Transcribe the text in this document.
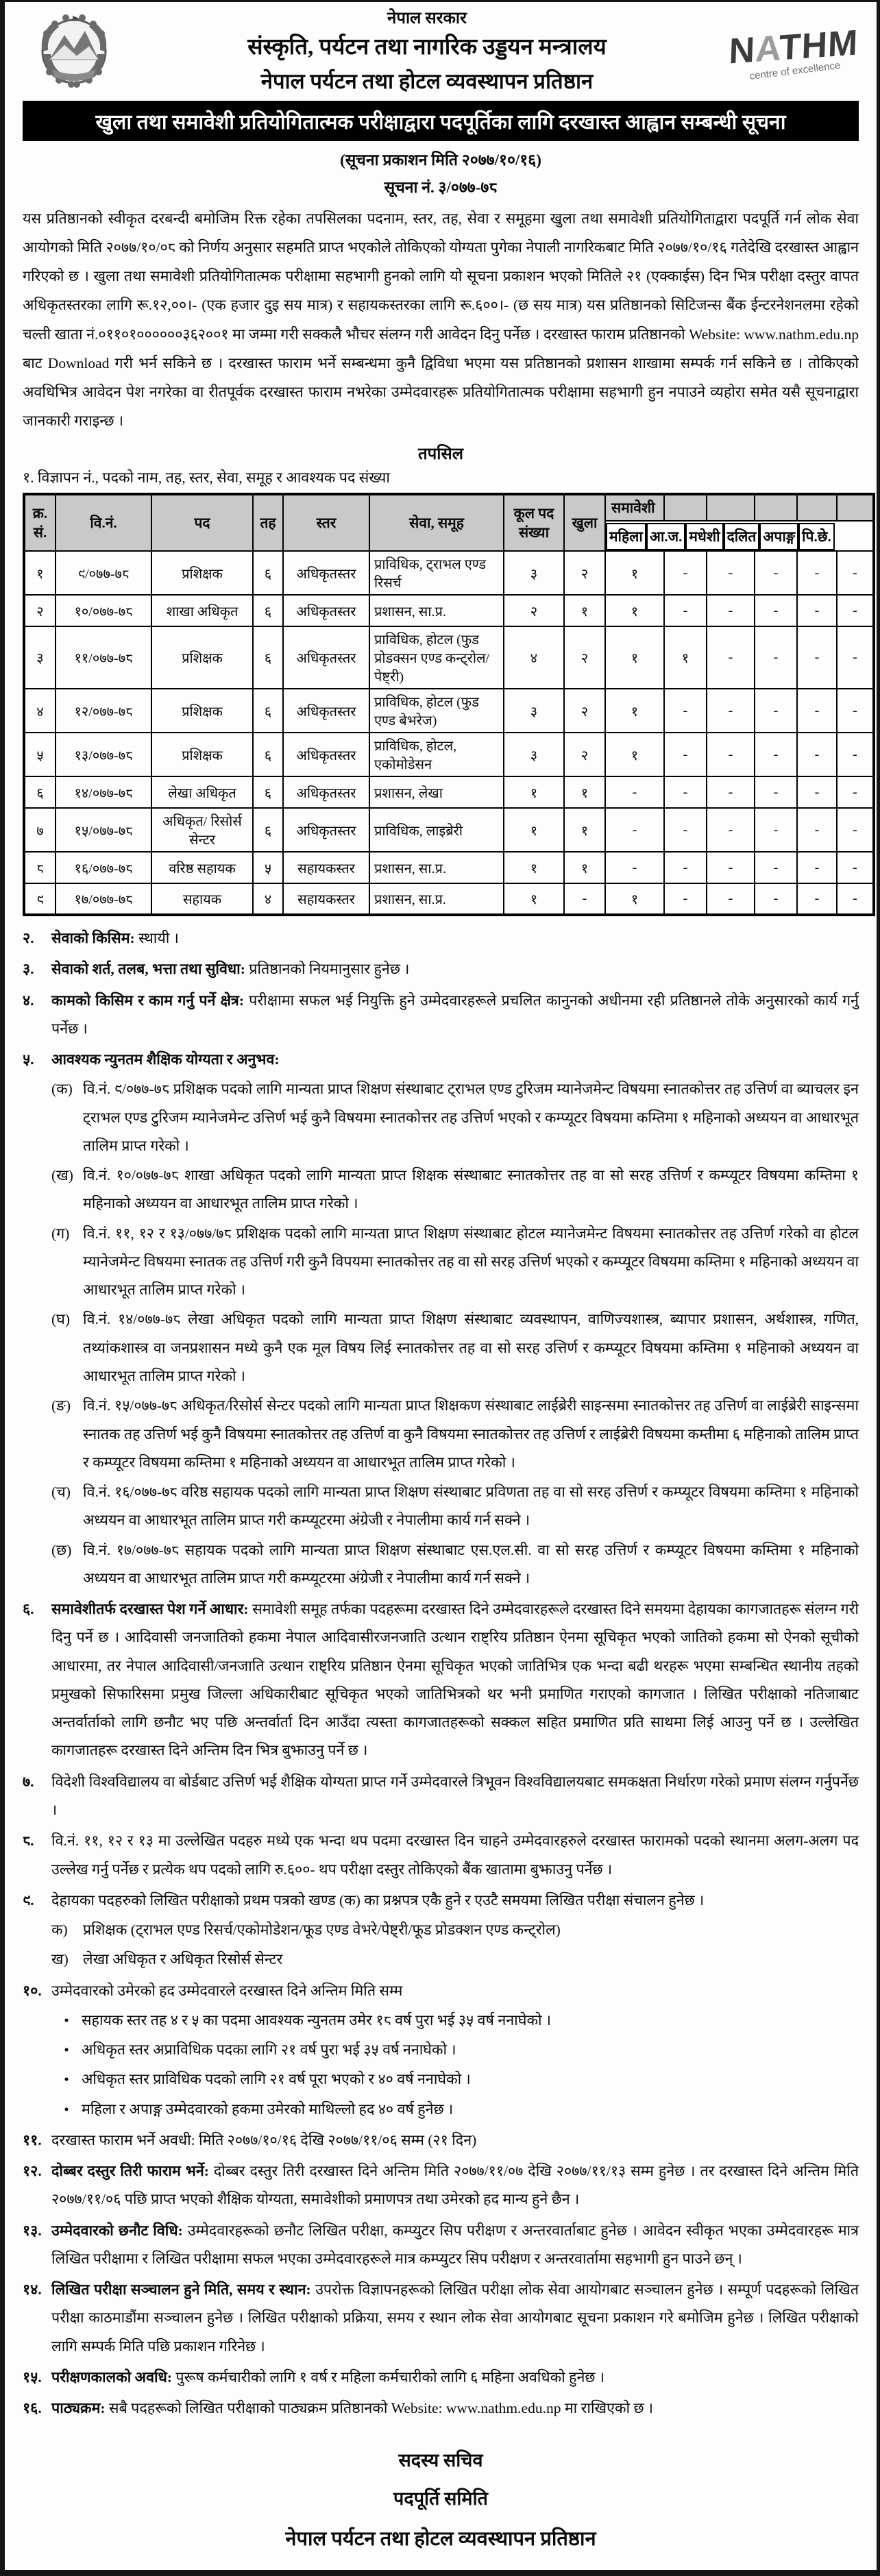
नेपाल सरकार
संस्कृति, पर्यटन तथा नागरिक उड्डयन मन्त्रालय
नेपाल पर्यटन तथा होटल व्यवस्थापन प्रतिष्ठान
NATHM
centre of excellence
खुला तथा समावेशी प्रतियोगितात्मक परीक्षाद्वारा पदपूर्तिका लागि दरखास्त आह्वान सम्बन्धी सूचना
(सूचना प्रकाशन मिति २०७७/१०/१६)
सूचना नं. ३/०७७-७८

यस प्रतिष्ठानको स्वीकृत दरबन्दी बमोजिम रिक्त रहेका तपसिलका पदनाम, स्तर, तह, सेवा र समूहमा खुला तथा समावेशी प्रतियोगिताद्वारा पदपूर्ति गर्न लोक सेवा आयोगको मिति २०७७/१०/०८ को निर्णय अनुसार सहमति प्राप्त भएकोले तोकिएको योग्यता पुगेका नेपाली नागरिकबाट मिति २०७७/१०/१६ गतेदेखि दरखास्त आह्वान गरिएको छ । खुला तथा समावेशी प्रतियोगितात्मक परीक्षामा सहभागी हुनको लागि यो सूचना प्रकाशन भएको मितिले २१ (एक्काईस) दिन भित्र परीक्षा दस्तुर वापत अधिकृतस्तरका लागि रू.१२,००।- (एक हजार दुइ सय मात्र) र सहायकस्तरका लागि रू.६००।- (छ सय मात्र) यस प्रतिष्ठानको सिटिजन्स बैंक ईन्टरनेशनलमा रहेको चल्ती खाता नं.०११०१००००००३६२००१ मा जम्मा गरी सक्कलै भौचर संलग्न गरी आवेदन दिनु पर्नेछ । दरखास्त फाराम प्रतिष्ठानको Website: www.nathm.edu.np बाट Download गरी भर्न सकिने छ । दरखास्त फाराम भर्ने सम्बन्धमा कुनै द्विविधा भएमा यस प्रतिष्ठानको प्रशासन शाखामा सम्पर्क गर्न सकिने छ । तोकिएको अवधिभित्र आवेदन पेश नगरेका वा रीतपूर्वक दरखास्त फाराम नभरेका उम्मेदवारहरू प्रतियोगितात्मक परीक्षामा सहभागी हुन नपाउने व्यहोरा समेत यसै सूचनाद्वारा जानकारी गराइन्छ ।

तपसिल
१. विज्ञापन नं., पदको नाम, तह, स्तर, सेवा, समूह र आवश्यक पद संख्या
क्र. सं.	वि.नं.	पद	तह	स्तर	सेवा, समूह	कूल पद संख्या	खुला	समावेशी					

महिला आ.ज. मधेशी दलित अपाङ्ग पि.छे.
१	९/०७७-७८	प्रशिक्षक	६	अधिकृतस्तर	प्राविधिक, ट्राभल एण्ड रिसर्च	३	२	१	-	-	-	-	-
२	१०/०७७-७८	शाखा अधिकृत	६	अधिकृतस्तर	प्रशासन, सा.प्र.	२	१	१	-	-	-	-	-
३	११/०७७-७८	प्रशिक्षक	६	अधिकृतस्तर	प्राविधिक, होटल (फुड प्रोडक्सन एण्ड कन्ट्रोल/पेष्ट्री)	४	२	१	१	-	-	-	-
४	१२/०७७-७८	प्रशिक्षक	६	अधिकृतस्तर	प्राविधिक, होटल (फुड एण्ड बेभरेज)	३	२	१	-	-	-	-	-
५	१३/०७७-७८	प्रशिक्षक	६	अधिकृतस्तर	प्राविधिक, होटल, एकोमोडेसन	३	२	१	-	-	-	-	-
६	१४/०७७-७८	लेखा अधिकृत	६	अधिकृतस्तर	प्रशासन, लेखा	१	१	-	-	-	-	-	-
७	१५/०७७-७८	अधिकृत/ रिसोर्स सेन्टर	६	अधिकृतस्तर	प्राविधिक, लाइब्रेरी	१	१	-	-	-	-	-	-
८	१६/०७७-७८	वरिष्ठ सहायक	५	सहायकस्तर	प्रशासन, सा.प्र.	१	१	-	-	-	-	-	-
९	१७/०७७-७८	सहायक	४	सहायकस्तर	प्रशासन, सा.प्र.	१	-	१	-	-	-	-	-
२.	सेवाको किसिम: स्थायी ।
३.	सेवाको शर्त, तलब, भत्ता तथा सुविधा: प्रतिष्ठानको नियमानुसार हुनेछ ।
४.	कामको किसिम र काम गर्नु पर्ने क्षेत्र: परीक्षामा सफल भई नियुक्ति हुने उम्मेदवारहरूले प्रचलित कानुनको अधीनमा रही प्रतिष्ठानले तोके अनुसारको कार्य गर्नु पर्नेछ ।
५.	आवश्यक न्युनतम शैक्षिक योग्यता र अनुभव:
(क) वि.नं. ९/०७७-७८ प्रशिक्षक पदको लागि मान्यता प्राप्त शिक्षण संस्थाबाट ट्राभल एण्ड टुरिजम म्यानेजमेन्ट विषयमा स्नातकोत्तर तह उत्तिर्ण वा ब्याचलर इन ट्राभल एण्ड टुरिजम म्यानेजमेन्ट उत्तिर्ण भई कुनै विषयमा स्नातकोत्तर तह उत्तिर्ण भएको र कम्प्यूटर विषयमा कम्तिमा १ महिनाको अध्ययन वा आधारभूत तालिम प्राप्त गरेको ।
(ख) वि.नं. १०/०७७-७८ शाखा अधिकृत पदको लागि मान्यता प्राप्त शिक्षक संस्थाबाट स्नातकोत्तर तह वा सो सरह उत्तिर्ण र कम्प्यूटर विषयमा कम्तिमा १ महिनाको अध्ययन वा आधारभूत तालिम प्राप्त गरेको ।
(ग) वि.नं. ११, १२ र १३/०७७/७८ प्रशिक्षक पदको लागि मान्यता प्राप्त शिक्षण संस्थाबाट होटल म्यानेजमेन्ट विषयमा स्नातकोत्तर तह उत्तिर्ण गरेको वा होटल म्यानेजमेन्ट विषयमा स्नातक तह उत्तिर्ण गरी कुनै विपयमा स्नातकोत्तर तह वा सो सरह उत्तिर्ण भएको र कम्प्यूटर विषयमा कम्तिमा १ महिनाको अध्ययन वा आधारभूत तालिम प्राप्त गरेको ।
(घ) वि.नं. १४/०७७-७८ लेखा अधिकृत पदको लागि मान्यता प्राप्त शिक्षण संस्थाबाट व्यवस्थापन, वाणिज्यशास्त्र, ब्यापार प्रशासन, अर्थशास्त्र, गणित, तथ्यांकशास्त्र वा जनप्रशासन मध्ये कुनै एक मूल विषय लिई स्नातकोत्तर तह वा सो सरह उत्तिर्ण र कम्प्यूटर विषयमा कम्तिमा १ महिनाको अध्ययन वा आधारभूत तालिम प्राप्त गरेको ।
(ङ) वि.नं. १५/०७७-७८ अधिकृत/रिसोर्स सेन्टर पदको लागि मान्यता प्राप्त शिक्षकण संस्थाबाट लाईब्रेरी साइन्समा स्नातकोत्तर तह उत्तिर्ण वा लाईब्रेरी साइन्समा स्नातक तह उत्तिर्ण भई कुनै विषयमा स्नातकोत्तर तह उत्तिर्ण वा कुनै विषयमा स्नातकोत्तर तह उत्तिर्ण र लाईब्रेरी विषयमा कम्तीमा ६ महिनाको तालिम प्राप्त र कम्प्यूटर विषयमा कम्तिमा १ महिनाको अध्ययन वा आधारभूत तालिम प्राप्त गरेको ।
(च) वि.नं. १६/०७७-७८ वरिष्ठ सहायक पदको लागि मान्यता प्राप्त शिक्षण संस्थाबाट प्रविणता तह वा सो सरह उत्तिर्ण र कम्प्यूटर विषयमा कम्तिमा १ महिनाको अध्ययन वा आधारभूत तालिम प्राप्त गरी कम्प्यूटरमा अंग्रेजी र नेपालीमा कार्य गर्न सक्ने ।
(छ) वि.नं. १७/०७७-७८ सहायक पदको लागि मान्यता प्राप्त शिक्षण संस्थाबाट एस.एल.सी. वा सो सरह उत्तिर्ण र कम्प्यूटर विषयमा कम्तिमा १ महिनाको अध्ययन वा आधारभूत तालिम प्राप्त गरी कम्प्यूटरमा अंग्रेजी र नेपालीमा कार्य गर्न सक्ने ।
६.	समावेशीतर्फ दरखास्त पेश गर्ने आधार: समावेशी समूह तर्फका पदहरूमा दरखास्त दिने उम्मेदवारहरूले दरखास्त दिने समयमा देहायका कागजातहरू संलग्न गरी दिनु पर्ने छ । आदिवासी जनजातिको हकमा नेपाल आदिवासीरजनजाति उत्थान राष्ट्रिय प्रतिष्ठान ऐनमा सूचिकृत भएको जातिको हकमा सो ऐनको सूचीको आधारमा, तर नेपाल आदिवासी/जनजाति उत्थान राष्ट्रिय प्रतिष्ठान ऐनमा सूचिकृत भएको जातिभित्र एक भन्दा बढी थरहरू भएमा सम्बन्धित स्थानीय तहको प्रमुखको सिफारिसमा प्रमुख जिल्ला अधिकारीबाट सूचिकृत भएको जातिभित्रको थर भनी प्रमाणित गराएको कागजात । लिखित परीक्षाको नतिजाबाट अन्तर्वार्ताको लागि छनौट भए पछि अन्तर्वार्ता दिन आउँदा त्यस्ता कागजातहरूको सक्कल सहित प्रमाणित प्रति साथमा लिई आउनु पर्ने छ । उल्लेखित कागजातहरू दरखास्त दिने अन्तिम दिन भित्र बुझाउनु पर्ने छ ।
७.	विदेशी विश्वविद्यालय वा बोर्डबाट उत्तिर्ण भई शैक्षिक योग्यता प्राप्त गर्ने उम्मेदवारले त्रिभूवन विश्वविद्यालयबाट समकक्षता निर्धारण गरेको प्रमाण संलग्न गर्नुपर्नेछ ।
८.	वि.नं. ११, १२ र १३ मा उल्लेखित पदहरु मध्ये एक भन्दा थप पदमा दरखास्त दिन चाहने उम्मेदवारहरुले दरखास्त फारामको पदको स्थानमा अलग-अलग पद उल्लेख गर्नु पर्नेछ र प्रत्येक थप पदको लागि रु.६००- थप परीक्षा दस्तुर तोकिएको बैंक खातामा बुझाउनु पर्नेछ ।
९.	देहायका पदहरुको लिखित परीक्षाको प्रथम पत्रको खण्ड (क) का प्रश्नपत्र एकै हुने र एउटै समयमा लिखित परीक्षा संचालन हुनेछ ।
क)	प्रशिक्षक (ट्राभल एण्ड रिसर्च/एकोमोडेशन/फूड एण्ड वेभरे/पेष्ट्री/फूड प्रोडक्शन एण्ड कन्ट्रोल)
ख) लेखा अधिकृत र अधिकृत रिसोर्स सेन्टर
१०. उम्मेदवारको उमेरको हद उम्मेदवारले दरखास्त दिने अन्तिम मिति सम्म
• सहायक स्तर तह ४ र ५ का पदमा आवश्यक न्युनतम उमेर १८ वर्ष पुरा भई ३५ वर्ष ननाघेको ।
• अधिकृत स्तर अप्राविधिक पदका लागि २१ वर्ष पुरा भई ३५ वर्ष ननाघेको ।
• अधिकृत स्तर प्राविधिक पदको लागि २१ वर्ष पूरा भएको र ४० वर्ष ननाघेको ।
• महिला र अपाङ्ग उम्मेदवारको हकमा उमेरको माथिल्लो हद ४० वर्ष हुनेछ ।
११. दरखास्त फाराम भर्ने अवधी: मिति २०७७/१०/१६ देखि २०७७/११/०६ सम्म (२१ दिन)
१२. दोब्बर दस्तुर तिरी फाराम भर्ने: दोब्बर दस्तुर तिरी दरखास्त दिने अन्तिम मिति २०७७/११/०७ देखि २०७७/११/१३ सम्म हुनेछ । तर दरखास्त दिने अन्तिम मिति २०७७/११/०६ पछि प्राप्त भएको शैक्षिक योग्यता, समावेशीको प्रमाणपत्र तथा उमेरको हद मान्य हुने छैन ।
१३. उम्मेदवारको छनौट विधि: उम्मेदवारहरूको छनौट लिखित परीक्षा, कम्प्युटर सिप परीक्षण र अन्तरवार्ताबाट हुनेछ । आवेदन स्वीकृत भएका उम्मेदवारहरू मात्र लिखित परीक्षामा र लिखित परीक्षामा सफल भएका उम्मेदवारहरूले मात्र कम्प्युटर सिप परीक्षण र अन्तरवार्तामा सहभागी हुन पाउने छन् ।
१४. लिखित परीक्षा सञ्चालन हुने मिति, समय र स्थान: उपरोक्त विज्ञापनहरूको लिखित परीक्षा लोक सेवा आयोगबाट सञ्चालन हुनेछ । सम्पूर्ण पदहरूको लिखित परीक्षा काठमाडौंमा सञ्चालन हुनेछ । लिखित परीक्षाको प्रक्रिया, समय र स्थान लोक सेवा आयोगबाट सूचना प्रकाशन गरे बमोजिम हुनेछ । लिखित परीक्षाको लागि सम्पर्क मिति पछि प्रकाशन गरिनेछ ।
१५. परीक्षणकालको अवधि: पुरूष कर्मचारीको लागि १ वर्ष र महिला कर्मचारीको लागि ६ महिना अवधिको हुनेछ ।
१६. पाठ्यक्रम: सबै पदहरूको लिखित परीक्षाको पाठ्यक्रम प्रतिष्ठानको Website: www.nathm.edu.np मा राखिएको छ ।
सदस्य सचिव
पदपूर्ति समिति
नेपाल पर्यटन तथा होटल व्यवस्थापन प्रतिष्ठान
